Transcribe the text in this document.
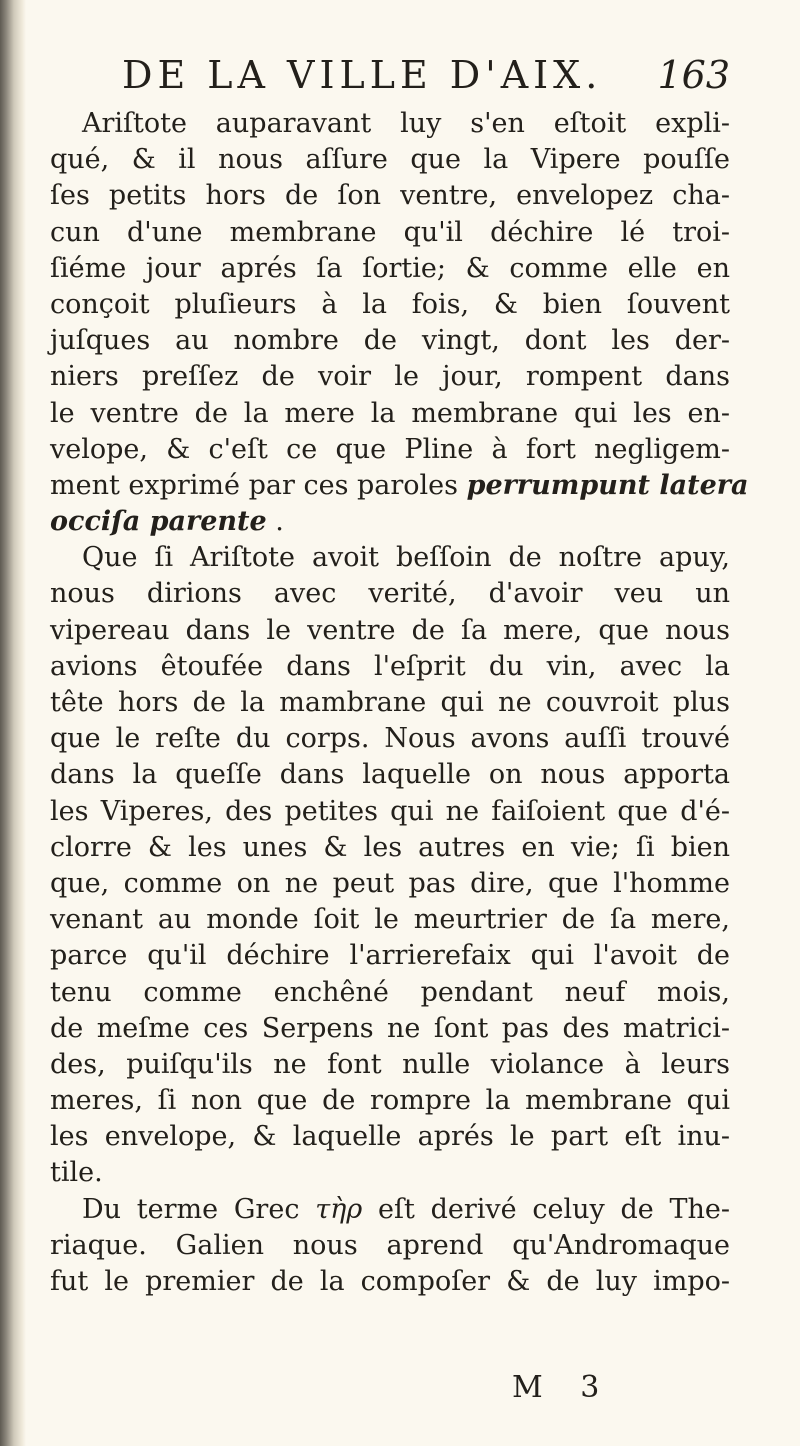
DE LA VILLE D'AIX. 163
Ariſtote auparavant luy s'en eſtoit expli-
qué, & il nous aſſure que la Vipere pouſſe
ſes petits hors de ſon ventre, envelopez cha-
cun d'une membrane qu'il déchire lé troi-
ſiéme jour aprés ſa ſortie; & comme elle en
conçoit pluſieurs à la fois, & bien ſouvent
juſques au nombre de vingt, dont les der-
niers preſſez de voir le jour, rompent dans
le ventre de la mere la membrane qui les en-
velope, & c'eſt ce que Pline à fort negligem-
ment exprimé par ces paroles perrumpunt latera
occiſa parente .
Que ſi Ariſtote avoit beſſoin de noſtre apuy,
nous dirions avec verité, d'avoir veu un
vipereau dans le ventre de ſa mere, que nous
avions êtoufée dans l'eſprit du vin, avec la
tête hors de la mambrane qui ne couvroit plus
que le reſte du corps. Nous avons auſſi trouvé
dans la queſſe dans laquelle on nous apporta
les Viperes, des petites qui ne faiſoient que d'é-
clorre & les unes & les autres en vie; ſi bien
que, comme on ne peut pas dire, que l'homme
venant au monde ſoit le meurtrier de ſa mere,
parce qu'il déchire l'arrierefaix qui l'avoit de
tenu comme enchêné pendant neuf mois,
de meſme ces Serpens ne ſont pas des matrici-
des, puiſqu'ils ne font nulle violance à leurs
meres, ſi non que de rompre la membrane qui
les envelope, & laquelle aprés le part eſt inu-
tile.
Du terme Grec τὴρ eſt derivé celuy de The-
riaque. Galien nous aprend qu'Andromaque
fut le premier de la compoſer & de luy impo-
M 3
